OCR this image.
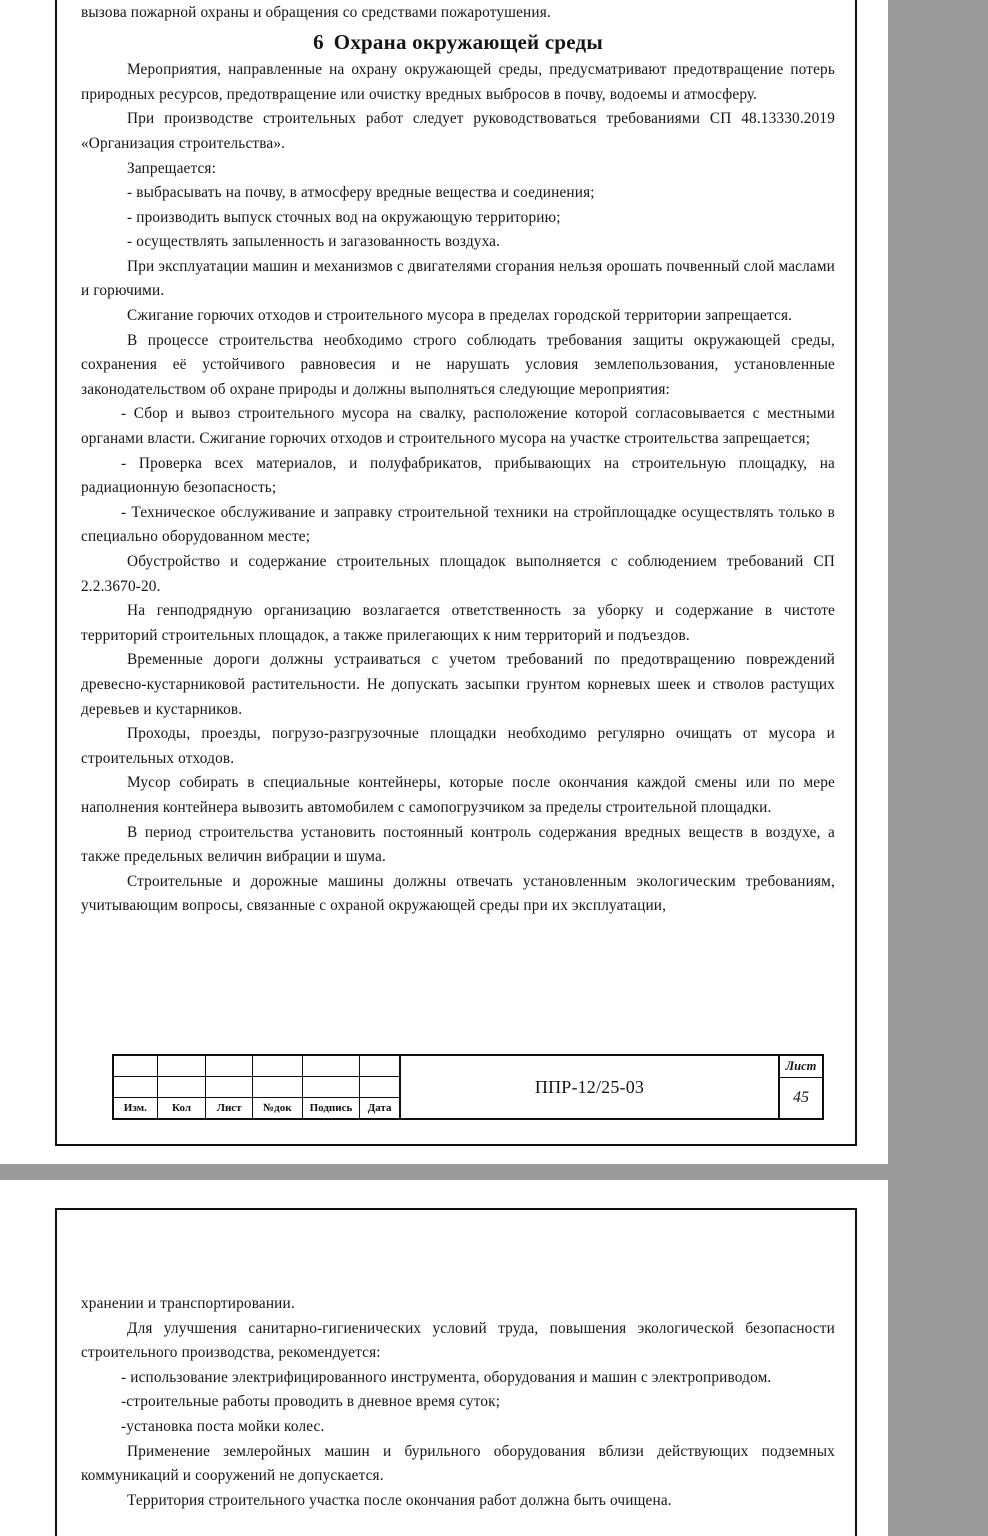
вызова пожарной охраны и обращения со средствами пожаротушения.

6 Охрана окружающей среды

Мероприятия, направленные на охрану окружающей среды, предусматривают предотвращение потерь природных ресурсов, предотвращение или очистку вредных выбросов в почву, водоемы и атмосферу.

При производстве строительных работ следует руководствоваться требованиями СП 48.13330.2019 «Организация строительства».

Запрещается:

- выбрасывать на почву, в атмосферу вредные вещества и соединения;

- производить выпуск сточных вод на окружающую территорию;

- осуществлять запыленность и загазованность воздуха.

При эксплуатации машин и механизмов с двигателями сгорания нельзя орошать почвенный слой маслами и горючими.

Сжигание горючих отходов и строительного мусора в пределах городской территории запрещается.

В процессе строительства необходимо строго соблюдать требования защиты окружающей среды, сохранения её устойчивого равновесия и не нарушать условия землепользования, установленные законодательством об охране природы и должны выполняться следующие мероприятия:

- Сбор и вывоз строительного мусора на свалку, расположение которой согласовывается с местными органами власти. Сжигание горючих отходов и строительного мусора на участке строительства запрещается;

- Проверка всех материалов, и полуфабрикатов, прибывающих на строительную площадку, на радиационную безопасность;

- Техническое обслуживание и заправку строительной техники на стройплощадке осуществлять только в специально оборудованном месте;

Обустройство и содержание строительных площадок выполняется с соблюдением требований СП 2.2.3670-20.

На генподрядную организацию возлагается ответственность за уборку и содержание в чистоте территорий строительных площадок, а также прилегающих к ним территорий и подъездов.

Временные дороги должны устраиваться с учетом требований по предотвращению повреждений древесно-кустарниковой растительности. Не допускать засыпки грунтом корневых шеек и стволов растущих деревьев и кустарников.

Проходы, проезды, погрузо-разгрузочные площадки необходимо регулярно очищать от мусора и строительных отходов.

Мусор собирать в специальные контейнеры, которые после окончания каждой смены или по мере наполнения контейнера вывозить автомобилем с самопогрузчиком за пределы строительной площадки.

В период строительства установить постоянный контроль содержания вредных веществ в воздухе, а также предельных величин вибрации и шума.

Строительные и дорожные машины должны отвечать установленным экологическим требованиям, учитывающим вопросы, связанные с охраной окружающей среды при их эксплуатации,

Изм.	Кол	Лист	№док	Подпись	Дата
ППР-12/25-03
Лист
45

хранении и транспортировании.

Для улучшения санитарно-гигиенических условий труда, повышения экологической безопасности строительного производства, рекомендуется:

- использование электрифицированного инструмента, оборудования и машин с электроприводом.

-строительные работы проводить в дневное время суток;

-установка поста мойки колес.

Применение землеройных машин и бурильного оборудования вблизи действующих подземных коммуникаций и сооружений не допускается.

Территория строительного участка после окончания работ должна быть очищена.
